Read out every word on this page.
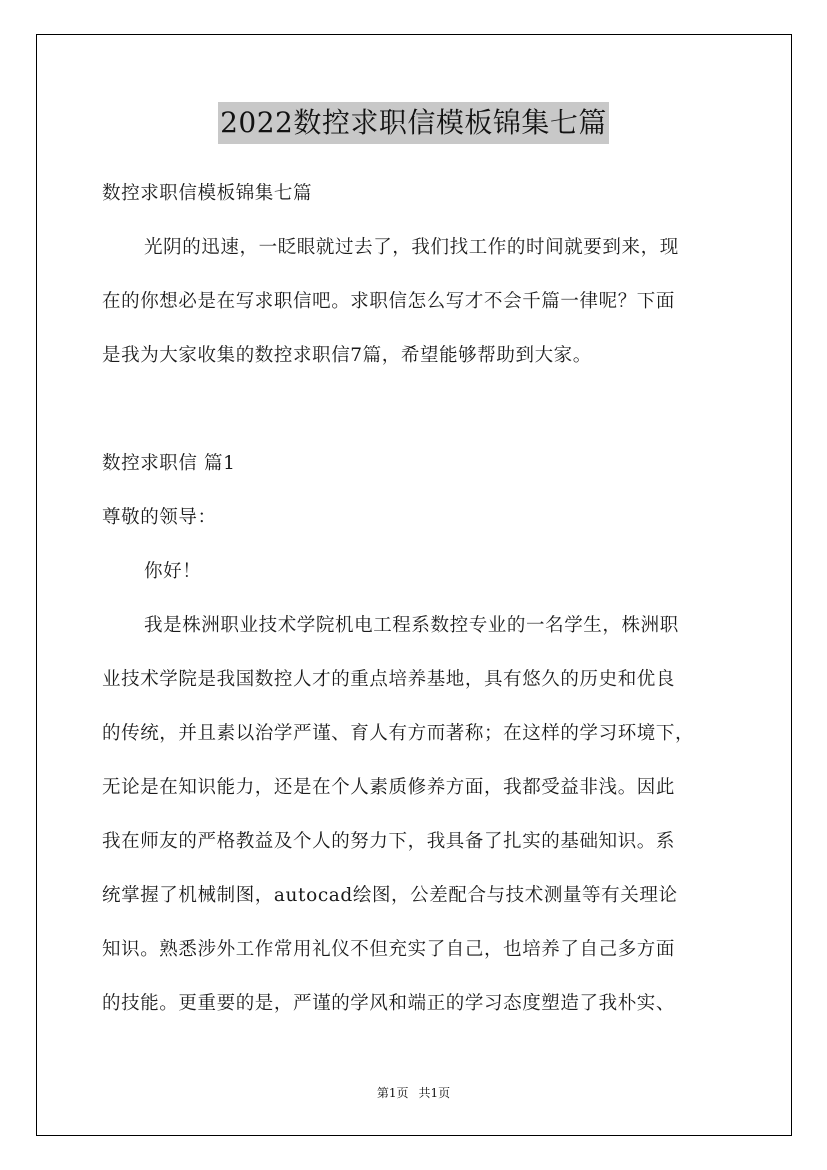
2022数控求职信模板锦集七篇
数控求职信模板锦集七篇
光阴的迅速，一眨眼就过去了，我们找工作的时间就要到来，现
在的你想必是在写求职信吧。求职信怎么写才不会千篇一律呢？下面
是我为大家收集的数控求职信7篇，希望能够帮助到大家。
数控求职信 篇1
尊敬的领导：
你好！
我是株洲职业技术学院机电工程系数控专业的一名学生，株洲职
业技术学院是我国数控人才的重点培养基地，具有悠久的历史和优良
的传统，并且素以治学严谨、育人有方而著称；在这样的学习环境下，
无论是在知识能力，还是在个人素质修养方面，我都受益非浅。因此
我在师友的严格教益及个人的努力下，我具备了扎实的基础知识。系
统掌握了机械制图，autocad绘图，公差配合与技术测量等有关理论
知识。熟悉涉外工作常用礼仪不但充实了自己，也培养了自己多方面
的技能。更重要的是，严谨的学风和端正的学习态度塑造了我朴实、
第1页 共1页
